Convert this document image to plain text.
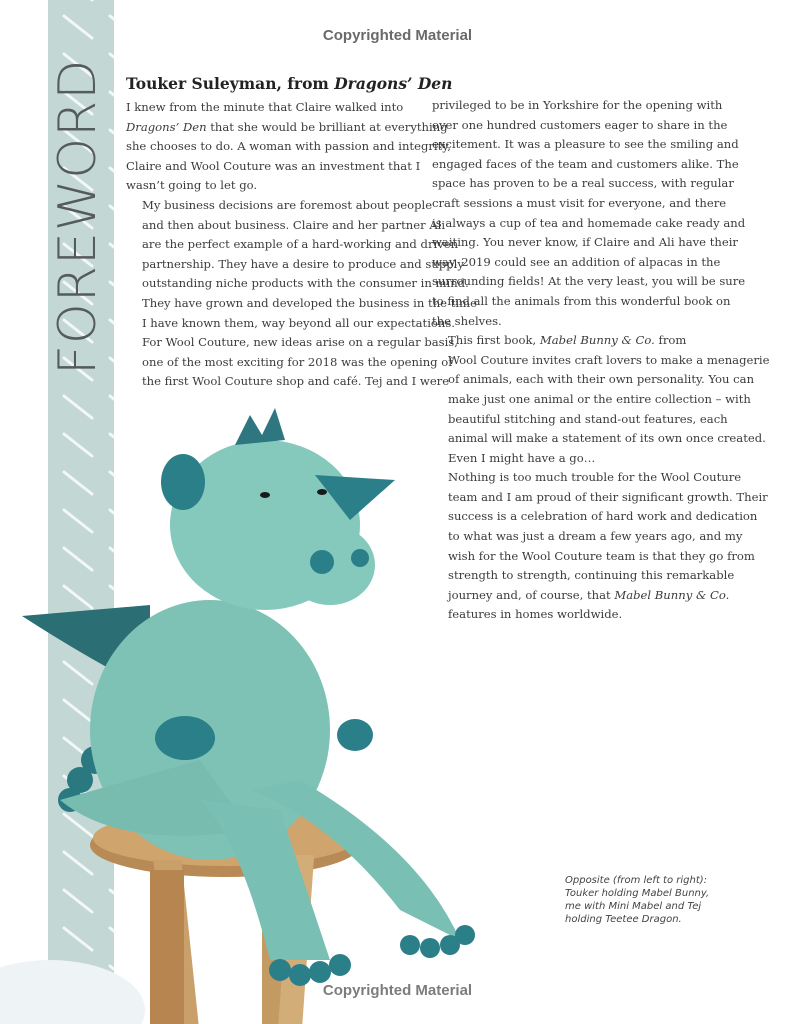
FOREWORD
Copyrighted Material
Touker Suleyman, from Dragons’ Den

I knew from the minute that Claire walked into
Dragons’ Den that she would be brilliant at everything
she chooses to do. A woman with passion and integrity,
Claire and Wool Couture was an investment that I
wasn’t going to let go.

My business decisions are foremost about people
and then about business. Claire and her partner Ali
are the perfect example of a hard-working and driven
partnership. They have a desire to produce and supply
outstanding niche products with the consumer in mind.
They have grown and developed the business in the time
I have known them, way beyond all our expectations.

For Wool Couture, new ideas arise on a regular basis,
one of the most exciting for 2018 was the opening of
the first Wool Couture shop and café. Tej and I were

privileged to be in Yorkshire for the opening with
over one hundred customers eager to share in the
excitement. It was a pleasure to see the smiling and
engaged faces of the team and customers alike. The
space has proven to be a real success, with regular
craft sessions a must visit for everyone, and there
is always a cup of tea and homemade cake ready and
waiting. You never know, if Claire and Ali have their
way, 2019 could see an addition of alpacas in the
surrounding fields! At the very least, you will be sure
to find all the animals from this wonderful book on
the shelves.

This first book, Mabel Bunny & Co. from
Wool Couture invites craft lovers to make a menagerie
of animals, each with their own personality. You can
make just one animal or the entire collection – with
beautiful stitching and stand-out features, each
animal will make a statement of its own once created.
Even I might have a go…

Nothing is too much trouble for the Wool Couture
team and I am proud of their significant growth. Their
success is a celebration of hard work and dedication
to what was just a dream a few years ago, and my
wish for the Wool Couture team is that they go from
strength to strength, continuing this remarkable
journey and, of course, that Mabel Bunny & Co.
features in homes worldwide.

Opposite (from left to right):
Touker holding Mabel Bunny,
me with Mini Mabel and Tej
holding Teetee Dragon.
Copyrighted Material
